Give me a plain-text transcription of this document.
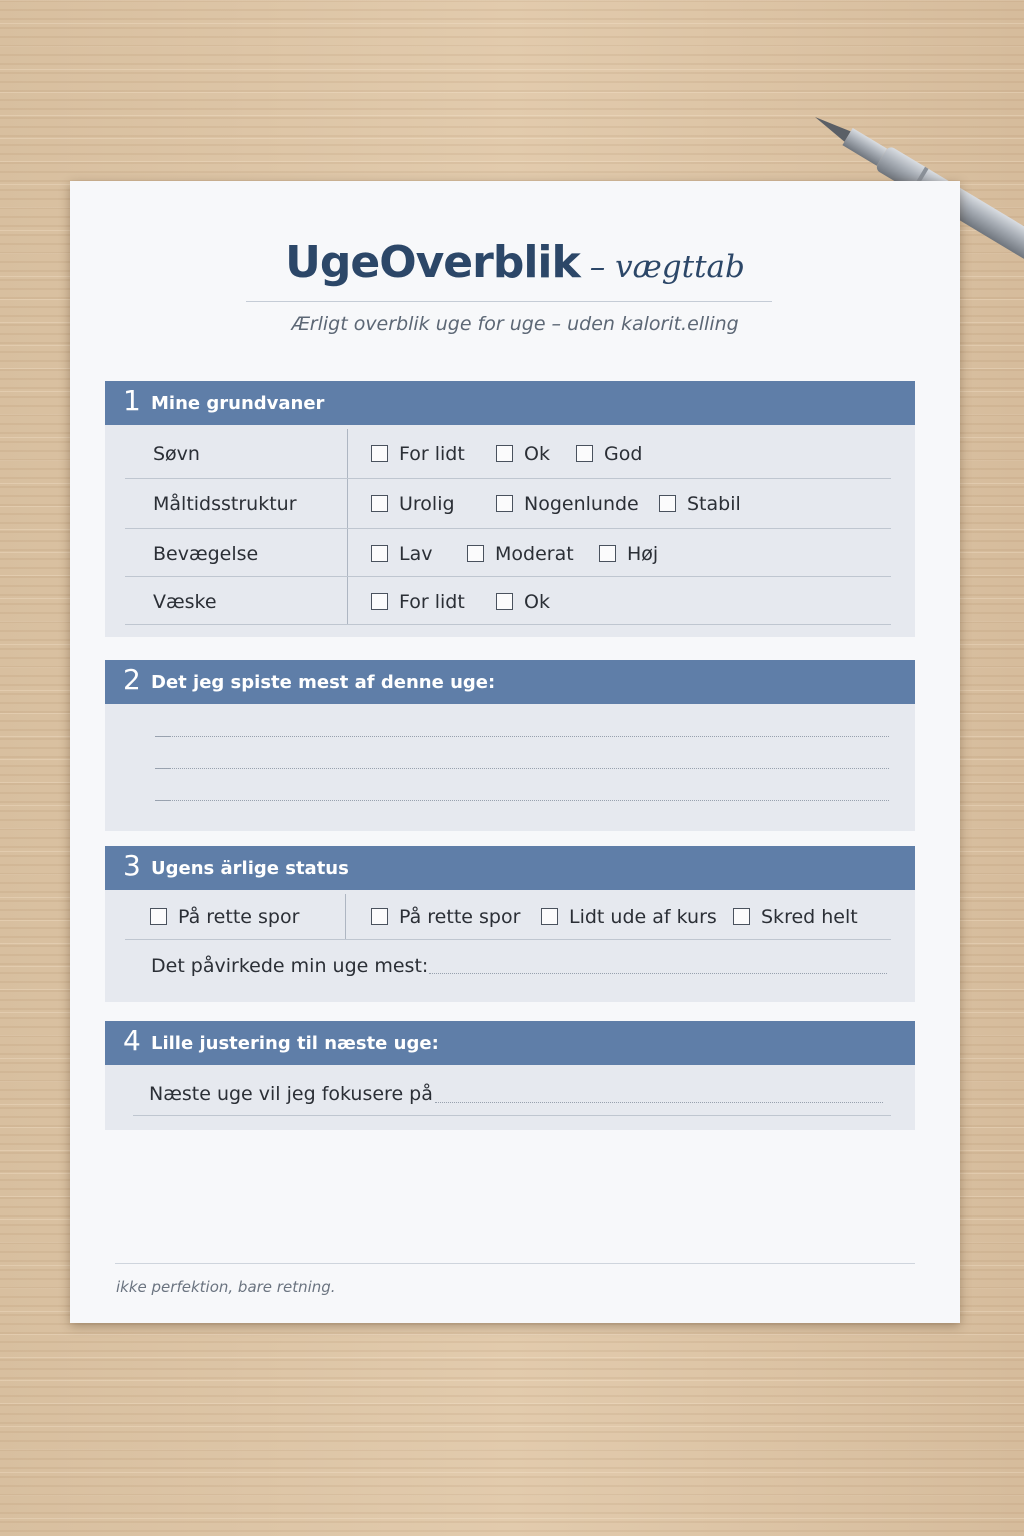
UgeOverblik – vægttab
Ærligt overblik uge for uge – uden kalorit.elling
1 Mine grundvaner
Søvn	For lidt	Ok	God
Måltidsstruktur	Urolig	Nogenlunde	Stabil
Bevægelse	Lav	Moderat	Høj
Væske	For lidt	Ok
2 Det jeg spiste mest af denne uge:
3 Ugens ärlige status
På rette spor	På rette spor	Lidt ude af kurs	Skred helt
Det påvirkede min uge mest:
4 Lille justering til næste uge:
Næste uge vil jeg fokusere på
ikke perfektion, bare retning.
